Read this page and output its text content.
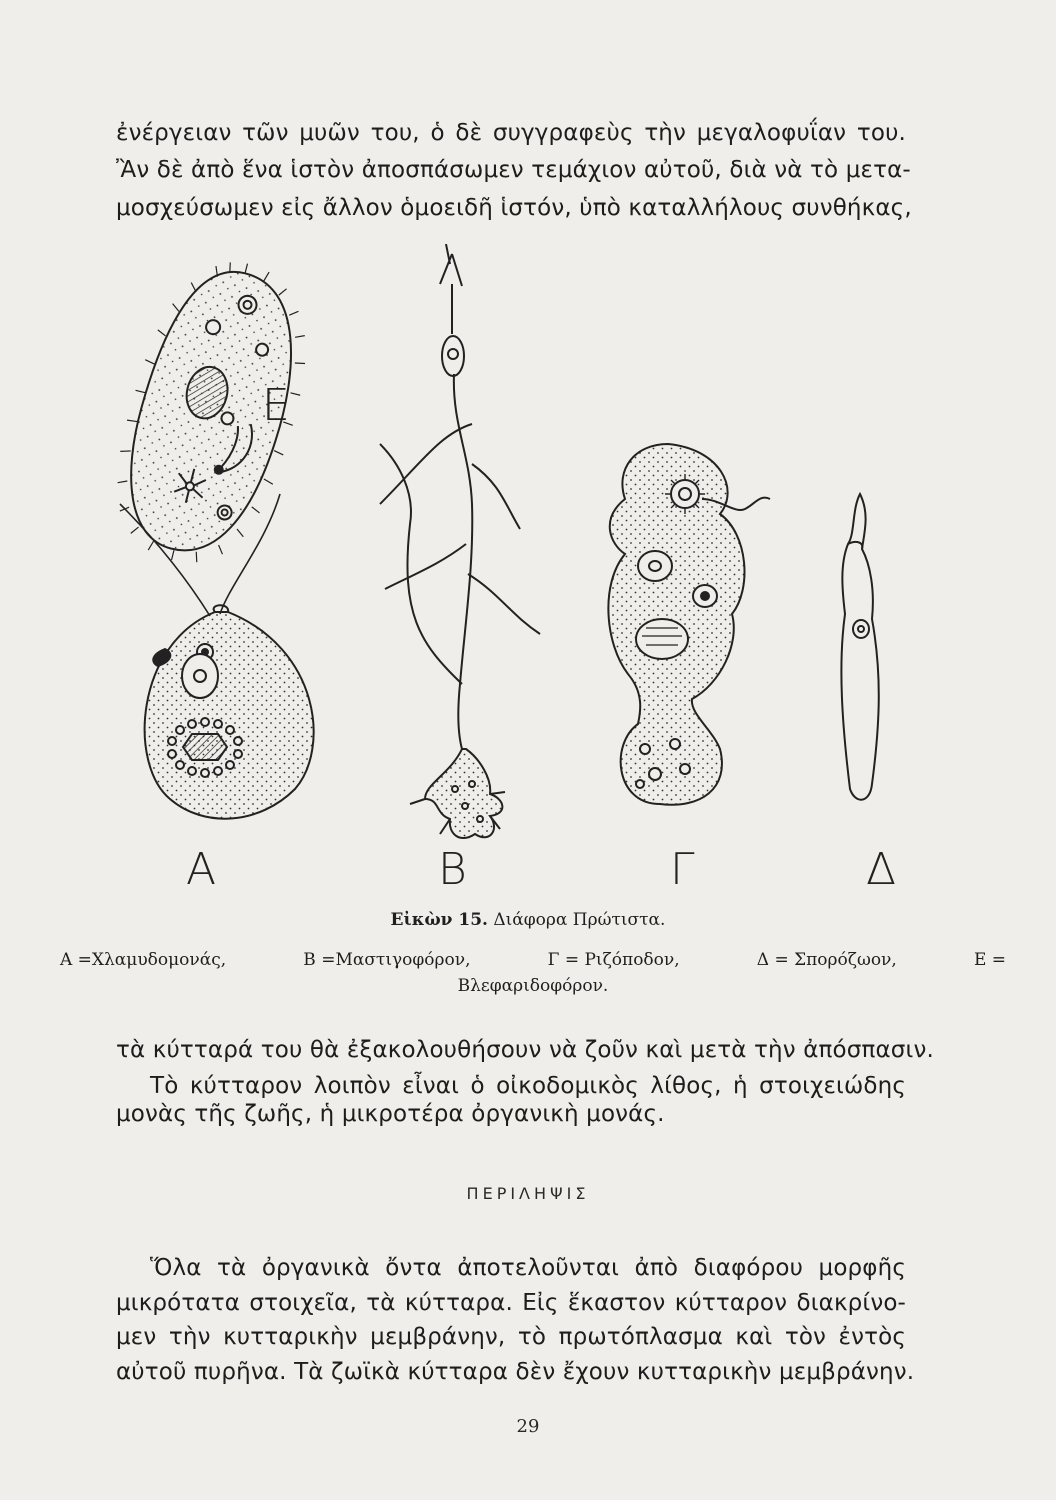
ἐνέργειαν τῶν μυῶν του, ὁ δὲ συγγραφεὺς τὴν μεγαλοφυΐαν του.
Ἂν δὲ ἀπὸ ἕνα ἱστὸν ἀποσπάσωμεν τεμάχιον αὐτοῦ, διὰ νὰ τὸ μετα-
μοσχεύσωμεν εἰς ἄλλον ὁμοειδῆ ἱστόν, ὑπὸ καταλλήλους συνθήκας,
E
Α	Β	Γ	Δ
Εἰκὼν 15. Διάφορα Πρώτιστα.
Α =Χλαμυδομονάς,	Β =Μαστιγοφόρον,	Γ = Ριζόποδον,	Δ = Σπορόζωον,	Ε =
Βλεφαριδοφόρον.
τὰ κύτταρά του θὰ ἐξακολουθήσουν νὰ ζοῦν καὶ μετὰ τὴν ἀπόσπασιν.
Τὸ κύτταρον λοιπὸν εἶναι ὁ οἰκοδομικὸς λίθος, ἡ στοιχειώδης
μονὰς τῆς ζωῆς, ἡ μικροτέρα ὀργανικὴ μονάς.
ΠΕΡΙΛΗΨΙΣ
Ὅλα τὰ ὀργανικὰ ὄντα ἀποτελοῦνται ἀπὸ διαφόρου μορφῆς
μικρότατα στοιχεῖα, τὰ κύτταρα. Εἰς ἕκαστον κύτταρον διακρίνο-
μεν τὴν κυτταρικὴν μεμβράνην, τὸ πρωτόπλασμα καὶ τὸν ἐντὸς
αὐτοῦ πυρῆνα. Τὰ ζωϊκὰ κύτταρα δὲν ἔχουν κυτταρικὴν μεμβράνην.
29
